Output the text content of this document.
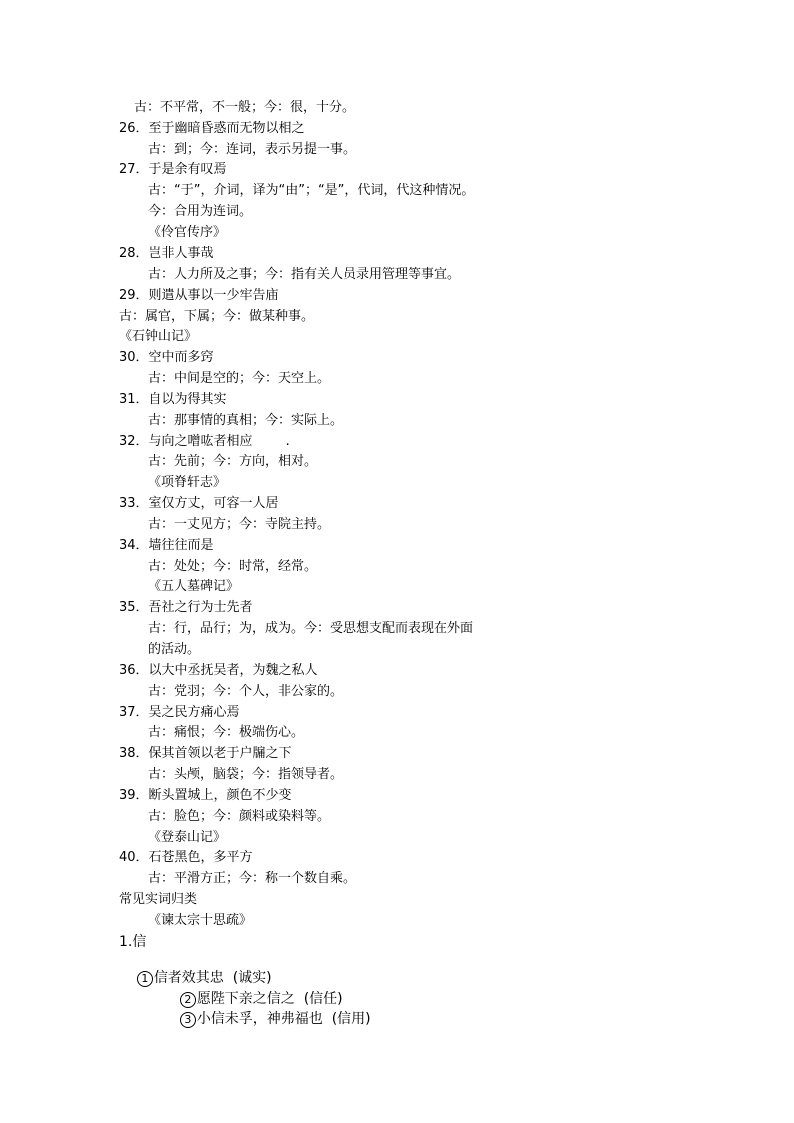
古：不平常，不一般；今：很，十分。
26．至于幽暗昏惑而无物以相之
古：到；今：连词，表示另提一事。
27．于是余有叹焉
古：“于”，介词，译为“由”；“是”，代词，代这种情况。
今：合用为连词。
《伶官传序》
28．岂非人事哉
古：人力所及之事；今：指有关人员录用管理等事宜。
29．则遣从事以一少牢告庙
古：属官，下属；今：做某种事。
《石钟山记》
30．空中而多窍
古：中间是空的；今：天空上。
31．自以为得其实
古：那事情的真相；今：实际上。
32．与向之噌吰者相应        .
古：先前；今：方向，相对。
《项脊轩志》
33．室仅方丈，可容一人居
古：一丈见方；今：寺院主持。
34．墙往往而是
古：处处；今：时常，经常。
《五人墓碑记》
35．吾社之行为士先者
古：行，品行；为，成为。今：受思想支配而表现在外面
的活动。
36．以大中丞抚吴者，为魏之私人
古：党羽；今：个人，非公家的。
37．吴之民方痛心焉
古：痛恨；今：极端伤心。
38．保其首领以老于户牖之下
古：头颅，脑袋；今：指领导者。
39．断头置城上，颜色不少变
古：脸色；今：颜料或染料等。
《登泰山记》
40．石苍黑色，多平方
古：平滑方正；今：称一个数自乘。
常见实词归类
《谏太宗十思疏》
1.信

1 信者效其忠  (诚实)

2 愿陛下亲之信之  (信任)

3 小信未孚，神弗福也  (信用)
